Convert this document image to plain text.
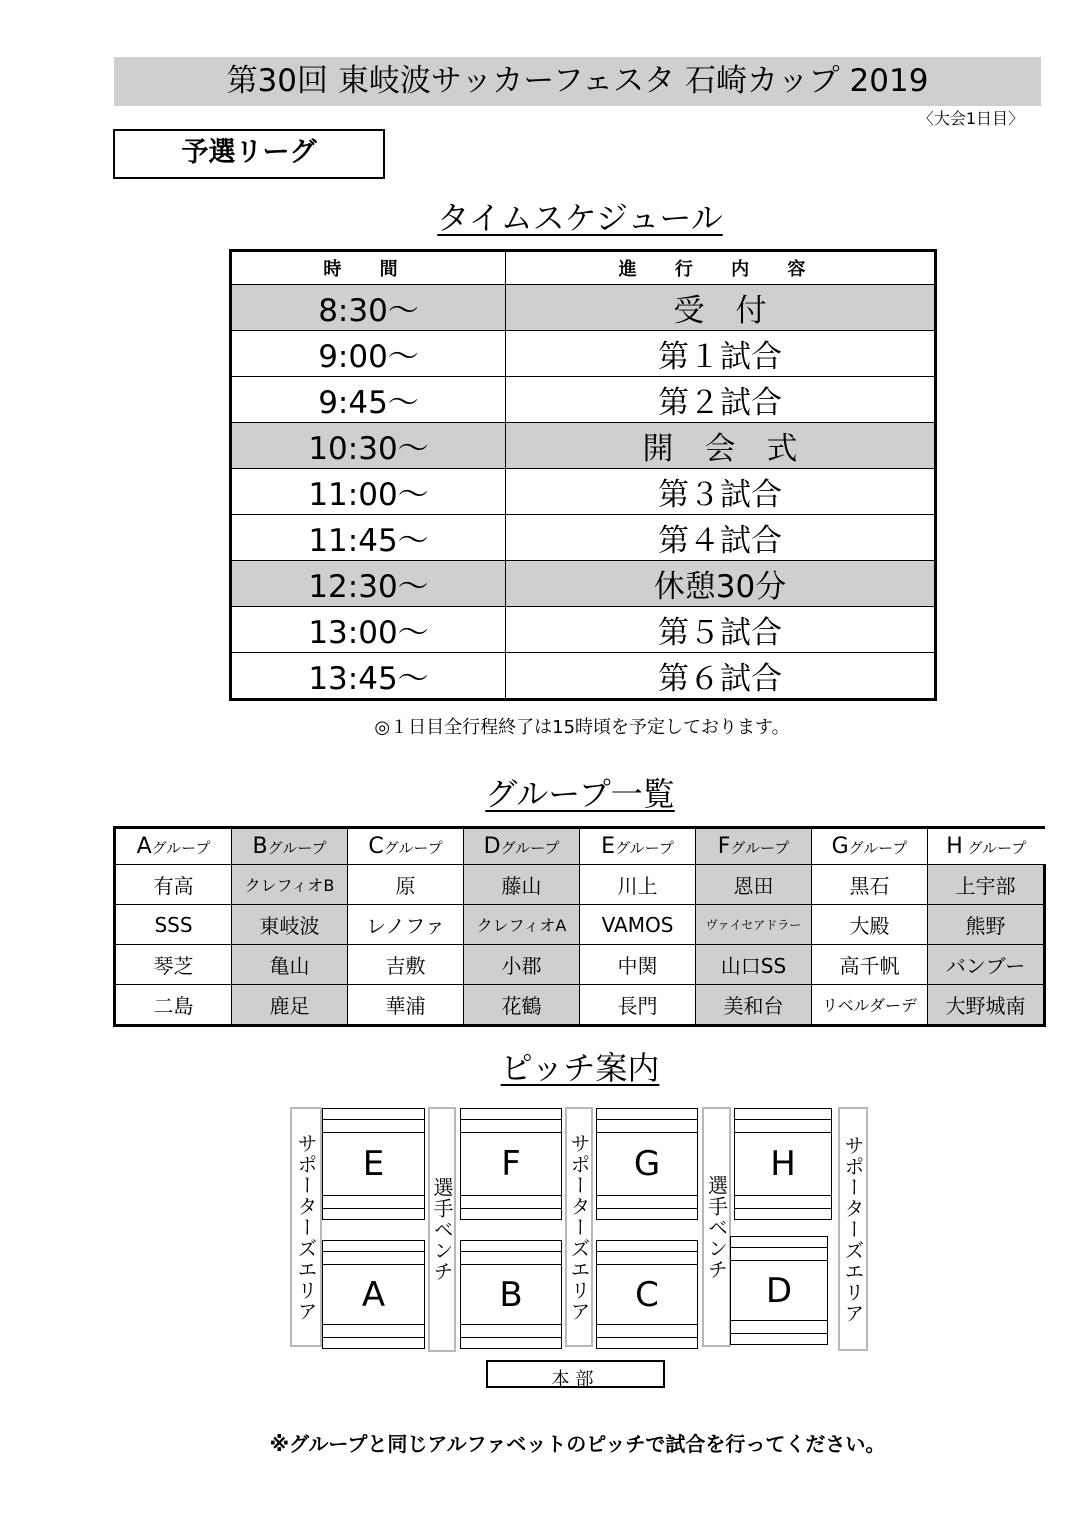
第30回 東岐波サッカーフェスタ 石崎カップ 2019
〈大会1日目〉
予選リーグ
タイムスケジュール
時 間	進 行 内 容
8:30～	受　付
9:00～	第１試合
9:45～	第２試合
10:30～	開　会　式
11:00～	第３試合
11:45～	第４試合
12:30～	休憩30分
13:00～	第５試合
13:45～	第６試合
◎１日目全行程終了は15時頃を予定しております。
グループ一覧
Aグループ	Bグループ	Cグループ	Dグループ	Eグループ	Fグループ	Gグループ	H グループ
有高	クレフィオB	原	藤山	川上	恩田	黒石	上宇部
SSS	東岐波	レノファ	クレフィオA	VAMOS	ヴァイセアドラー	大殿	熊野
琴芝	亀山	吉敷	小郡	中関	山口SS	高千帆	バンブー
二島	鹿足	華浦	花鶴	長門	美和台	リベルダーデ	大野城南
ピッチ案内
サポーターズエリア	選手ベンチ	サポーターズエリア	選手ベンチ	サポーターズエリア
E	F	G	H
A	B	C	D
本部
※グループと同じアルファベットのピッチで試合を行ってください。
